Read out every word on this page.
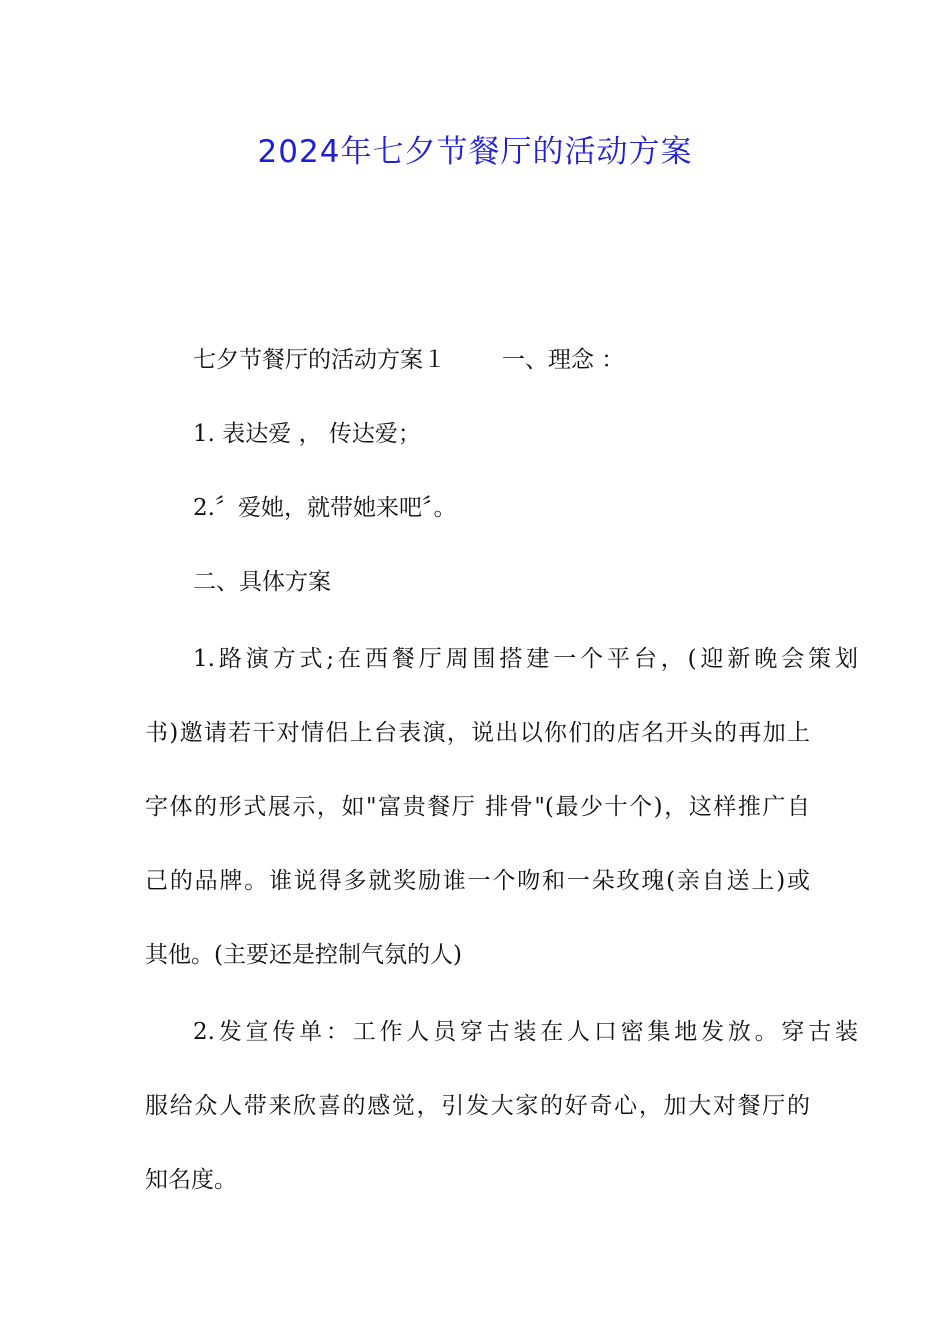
2024年七夕节餐厅的活动方案
七夕节餐厅的活动方案１ 一、理念 ：
1. 表达爱 ， 传达爱；
2.〞爱她，就带她来吧〞。
二、具体方案
1.路演方式;在西餐厅周围搭建一个平台，(迎新晚会策划
书)邀请若干对情侣上台表演，说出以你们的店名开头的再加上
字体的形式展示，如"富贵餐厅 排骨"(最少十个)，这样推广自
己的品牌。谁说得多就奖励谁一个吻和一朵玫瑰(亲自送上)或
其他。(主要还是控制气氛的人)
2.发宣传单：工作人员穿古装在人口密集地发放。穿古装
服给众人带来欣喜的感觉，引发大家的好奇心，加大对餐厅的
知名度。
